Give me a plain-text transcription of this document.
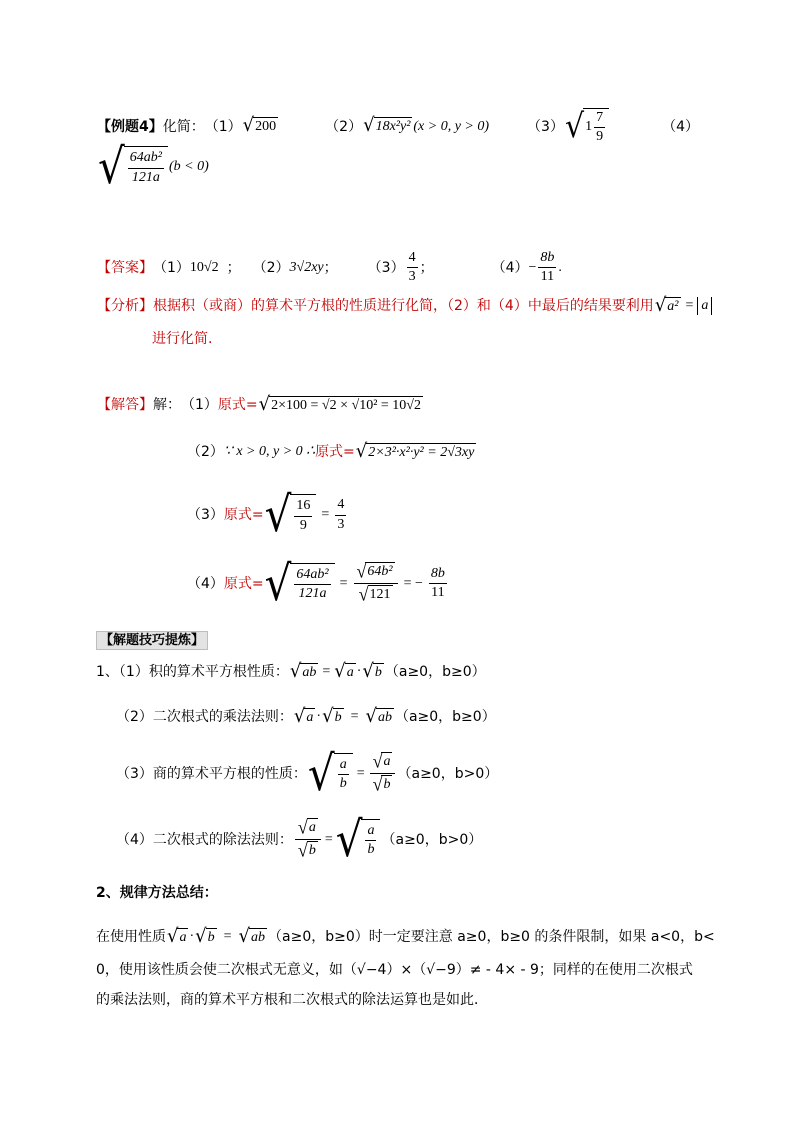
【例题4】 化简： （1） √ 200	（2） √ 18x²y² (x > 0, y > 0)	（3） √ $1 \frac{7}{9}$	（4）
√ $\frac{\text{64ab²}}{121a} (b < 0)$
【答案】 （1） 10√2 ； （2） 3√2xy ； $(3) \frac{4}{3}$ ；	$(4) - \frac{8b}{11}$ .
【分析】 根据积（或商）的算术平方根的性质进行化简，（2）和（4）中最后的结果要利用 √ a² = a
进行化简.
【解答】 解： （1） 原式= √ 2×100 = √2 × √10² = 10√2
（2） ∵ x > 0, y > 0 ∴ 原式= √ 2×3²·x²·y² = 2√3xy
（3） 原式= √ $\frac{16}{9} = \frac{4}{3}$
（4） 原式= √ $\frac{\text{64ab²}}{121a} = \frac{\text{√ 64b²}}{√ 121}$ = − $\frac{8b}{11}$
【解题技巧提炼】
1、（1）积的算术平方根性质： √ ab = √ a · √ b （a≥0，b≥0）
（2）二次根式的乘法法则： √ a · √ b = √ ab （a≥0，b≥0）
（3）商的算术平方根的性质： √ $\frac{a}{b} = \frac{√ a}{√ b} (a\ge 0$，b>0）
（4）二次根式的除法法则： $\frac{√ a}{√ b}$ = √ $\frac{a}{b} (a\ge 0$，b>0）
2、规律方法总结：
在使用性质 √ a · √ b = √ ab （a≥0，b≥0）时一定要注意 a≥0，b≥0 的条件限制，如果 a<0，b<
0，使用该性质会使二次根式无意义，如（√−4）×（√−9）≠ - 4× - 9；同样的在使用二次根式
的乘法法则，商的算术平方根和二次根式的除法运算也是如此．
